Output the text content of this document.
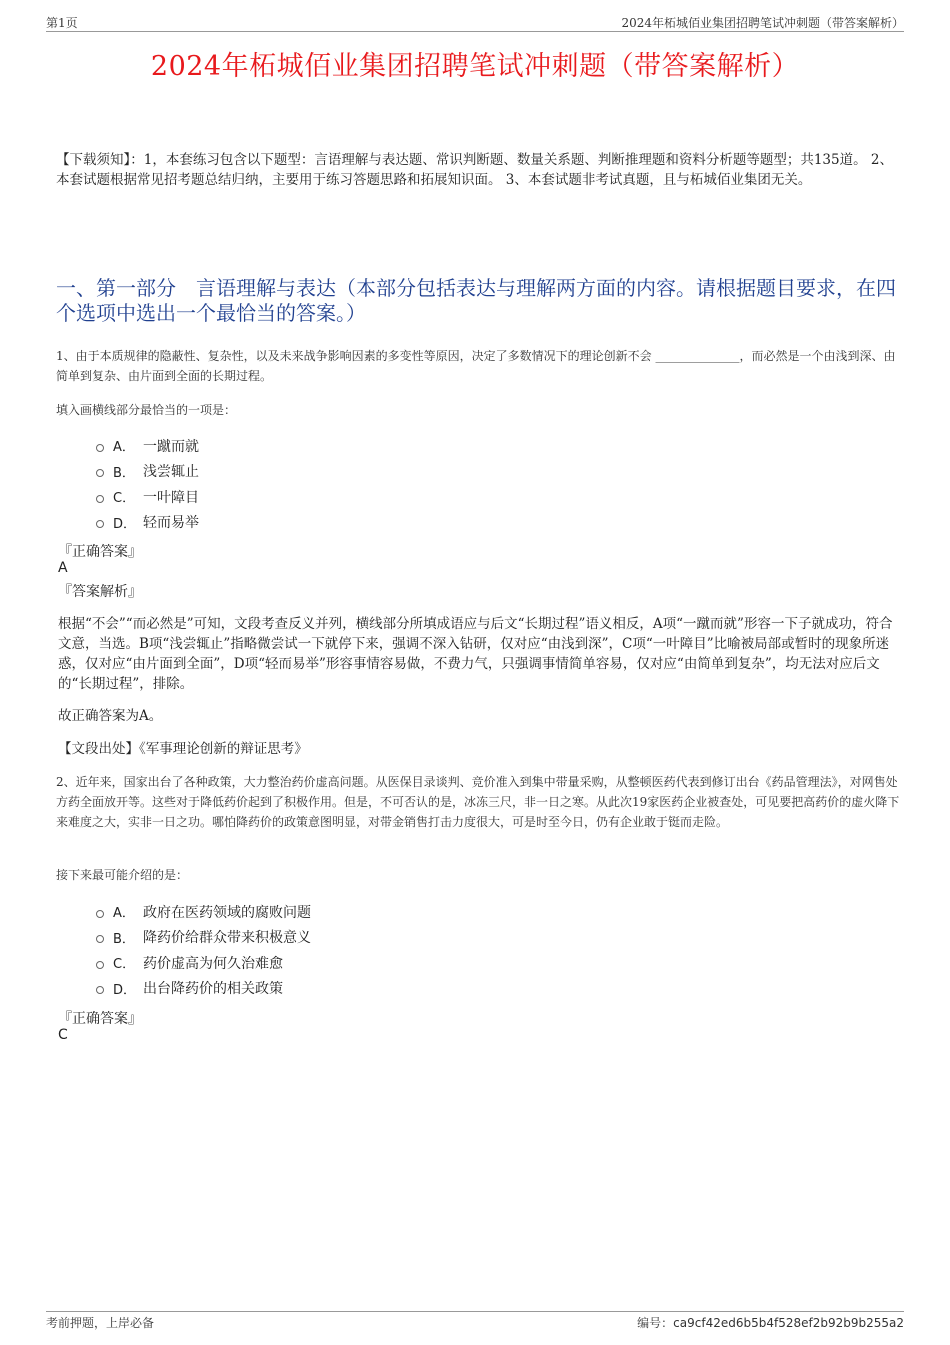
第1页	2024年柘城佰业集团招聘笔试冲刺题（带答案解析）
2024年柘城佰业集团招聘笔试冲刺题（带答案解析）
【下载须知】：1，本套练习包含以下题型：言语理解与表达题、常识判断题、数量关系题、判断推理题和资料分析题等题型；共135道。 2、本套试题根据常见招考题总结归纳，主要用于练习答题思路和拓展知识面。 3、本套试题非考试真题，且与柘城佰业集团无关。
一、第一部分　言语理解与表达（本部分包括表达与理解两方面的内容。请根据题目要求，在四个选项中选出一个最恰当的答案。）
1、由于本质规律的隐蔽性、复杂性，以及未来战争影响因素的多变性等原因，决定了多数情况下的理论创新不会 ______________，而必然是一个由浅到深、由简单到复杂、由片面到全面的长期过程。
填入画横线部分最恰当的一项是：
A． 一蹴而就
B． 浅尝辄止
C． 一叶障目
D． 轻而易举
『正确答案』
A
『答案解析』
根据“不会”“而必然是”可知，文段考查反义并列，横线部分所填成语应与后文“长期过程”语义相反，A项“一蹴而就”形容一下子就成功，符合文意，当选。B项“浅尝辄止”指略微尝试一下就停下来，强调不深入钻研，仅对应“由浅到深”，C项“一叶障目”比喻被局部或暂时的现象所迷惑，仅对应“由片面到全面”，D项“轻而易举”形容事情容易做，不费力气，只强调事情简单容易，仅对应“由简单到复杂”，均无法对应后文的“长期过程”，排除。
故正确答案为A。
【文段出处】《军事理论创新的辩证思考》
2、近年来，国家出台了各种政策，大力整治药价虚高问题。从医保目录谈判、竞价准入到集中带量采购，从整顿医药代表到修订出台《药品管理法》，对网售处方药全面放开等。这些对于降低药价起到了积极作用。但是，不可否认的是，冰冻三尺，非一日之寒。从此次19家医药企业被查处，可见要把高药价的虚火降下来难度之大，实非一日之功。哪怕降药价的政策意图明显，对带金销售打击力度很大，可是时至今日，仍有企业敢于铤而走险。
接下来最可能介绍的是：
A． 政府在医药领域的腐败问题
B． 降药价给群众带来积极意义
C． 药价虚高为何久治难愈
D． 出台降药价的相关政策
『正确答案』
C
考前押题，上岸必备	编号：ca9cf42ed6b5b4f528ef2b92b9b255a2
